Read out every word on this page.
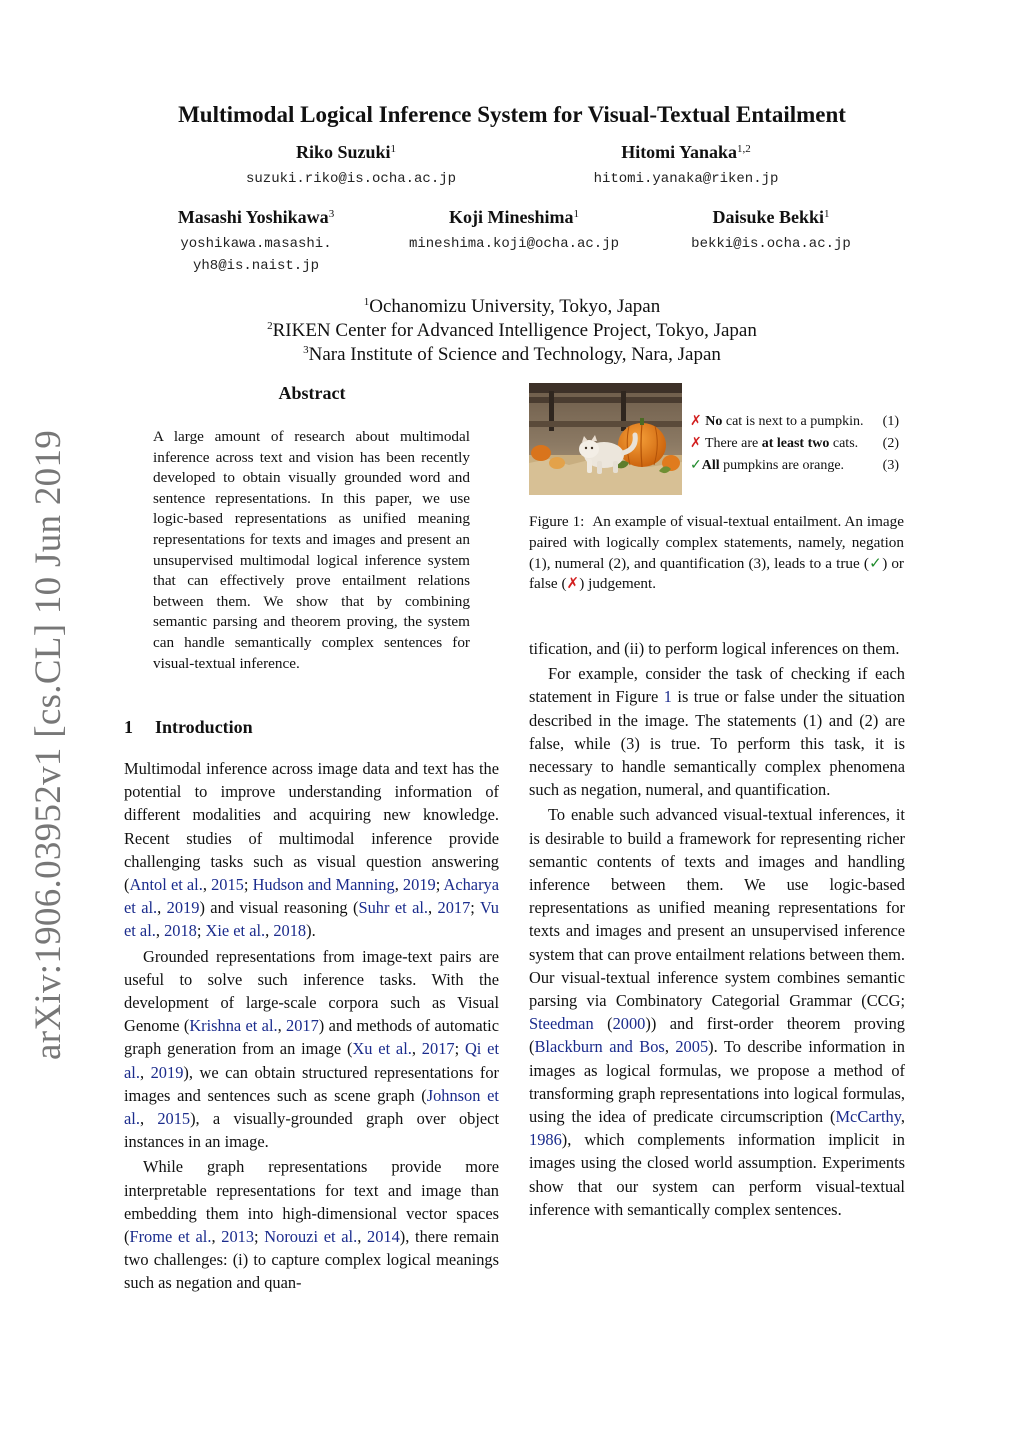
Multimodal Logical Inference System for Visual-Textual Entailment
Riko Suzuki$^1$
suzuki.riko@is.ocha.ac.jp
Hitomi Yanaka$^{1,2}$
hitomi.yanaka@riken.jp
Masashi Yoshikawa$^3$
yoshikawa.masashi.
yh8@is.naist.jp
Koji Mineshima$^1$
mineshima.koji@ocha.ac.jp
Daisuke Bekki$^1$
bekki@is.ocha.ac.jp
$^1$Ochanomizu University, Tokyo, Japan
$^2$RIKEN Center for Advanced Intelligence Project, Tokyo, Japan
$^3$Nara Institute of Science and Technology, Nara, Japan
arXiv:1906.03952v1 [cs.CL] 10 Jun 2019
Abstract
A large amount of research about multimodal inference across text and vision has been recently developed to obtain visually grounded word and sentence representations. In this paper, we use logic-based representations as unified meaning representations for texts and images and present an unsupervised multimodal logical inference system that can effectively prove entailment relations between them. We show that by combining semantic parsing and theorem proving, the system can handle semantically complex sentences for visual-textual inference.
1 Introduction

Multimodal inference across image data and text has the potential to improve understanding information of different modalities and acquiring new knowledge. Recent studies of multimodal inference provide challenging tasks such as visual question answering (Antol et al., 2015; Hudson and Manning, 2019; Acharya et al., 2019) and visual reasoning (Suhr et al., 2017; Vu et al., 2018; Xie et al., 2018).

Grounded representations from image-text pairs are useful to solve such inference tasks. With the development of large-scale corpora such as Visual Genome (Krishna et al., 2017) and methods of automatic graph generation from an image (Xu et al., 2017; Qi et al., 2019), we can obtain structured representations for images and sentences such as scene graph (Johnson et al., 2015), a visually-grounded graph over object instances in an image.

While graph representations provide more interpretable representations for text and image than embedding them into high-dimensional vector spaces (Frome et al., 2013; Norouzi et al., 2014), there remain two challenges: (i) to capture complex logical meanings such as negation and quan-

✗ No cat is next to a pumpkin. (1)
✗ There are at least two cats. (2)
✓All pumpkins are orange.	(3)
Figure 1: An example of visual-textual entailment. An image paired with logically complex statements, namely, negation (1), numeral (2), and quantification (3), leads to a true (✓) or false (✗) judgement.

tification, and (ii) to perform logical inferences on them.

For example, consider the task of checking if each statement in Figure 1 is true or false under the situation described in the image. The statements (1) and (2) are false, while (3) is true. To perform this task, it is necessary to handle semantically complex phenomena such as negation, numeral, and quantification.

To enable such advanced visual-textual inferences, it is desirable to build a framework for representing richer semantic contents of texts and images and handling inference between them. We use logic-based representations as unified meaning representations for texts and images and present an unsupervised inference system that can prove entailment relations between them. Our visual-textual inference system combines semantic parsing via Combinatory Categorial Grammar (CCG; Steedman (2000)) and first-order theorem proving (Blackburn and Bos, 2005). To describe information in images as logical formulas, we propose a method of transforming graph representations into logical formulas, using the idea of predicate circumscription (McCarthy, 1986), which complements information implicit in images using the closed world assumption. Experiments show that our system can perform visual-textual inference with semantically complex sentences.
